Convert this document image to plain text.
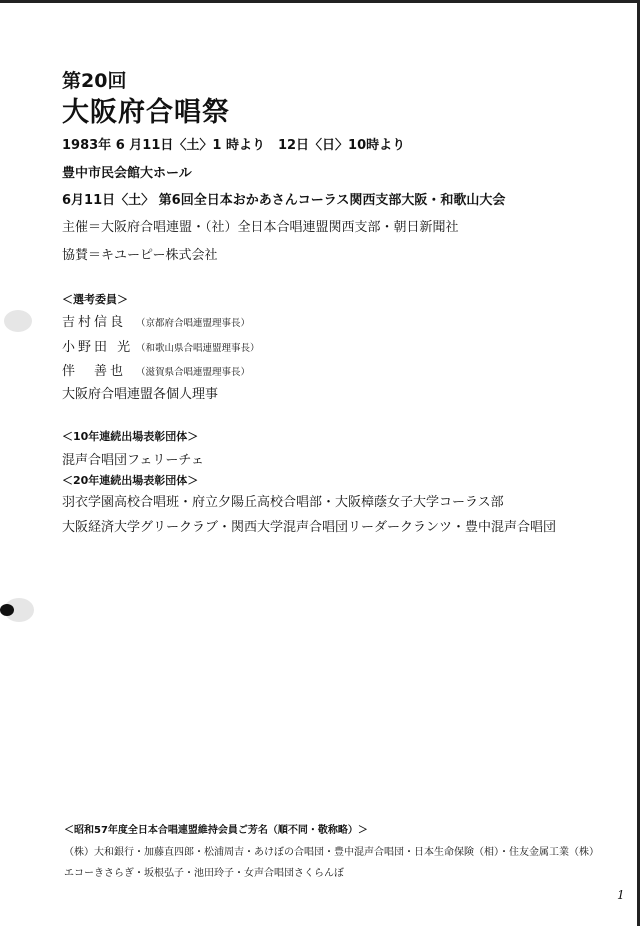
第20回
大阪府合唱祭
1983年 6 月11日〈土〉1 時より　12日〈日〉10時より
豊中市民会館大ホール
6月11日〈土〉 第6回全日本おかあさんコーラス関西支部大阪・和歌山大会
主催＝大阪府合唱連盟・（社）全日本合唱連盟関西支部・朝日新聞社
協賛＝キユーピー株式会社
＜選考委員＞
吉村信良 （京都府合唱連盟理事長）
小野田 光 （和歌山県合唱連盟理事長）
伴　善也 （滋賀県合唱連盟理事長）
大阪府合唱連盟各個人理事
＜10年連続出場表彰団体＞
混声合唱団フェリーチェ
＜20年連続出場表彰団体＞
羽衣学園高校合唱班・府立夕陽丘高校合唱部・大阪樟蔭女子大学コーラス部
大阪経済大学グリークラブ・関西大学混声合唱団リーダークランツ・豊中混声合唱団
＜昭和57年度全日本合唱連盟維持会員ご芳名（順不同・敬称略）＞
（株）大和銀行・加藤直四郎・松浦周吉・あけぼの合唱団・豊中混声合唱団・日本生命保険（相）・住友金属工業（株）
エコーきさらぎ・坂根弘子・池田玲子・女声合唱団さくらんぼ
1
